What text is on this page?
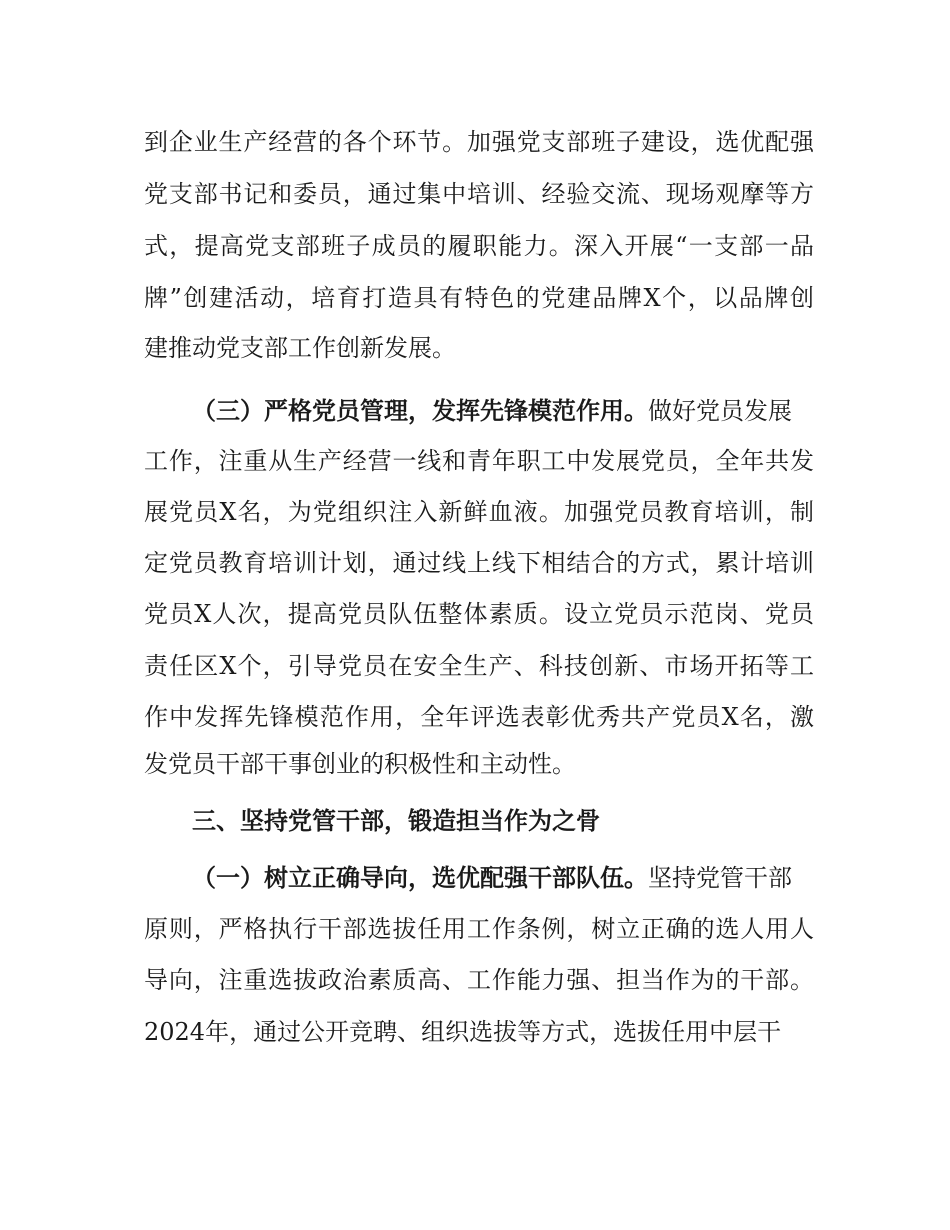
到企业生产经营的各个环节。加强党支部班子建设，选优配强
党支部书记和委员，通过集中培训、经验交流、现场观摩等方
式，提高党支部班子成员的履职能力。深入开展“一支部一品
牌”创建活动，培育打造具有特色的党建品牌X个，以品牌创
建推动党支部工作创新发展。
（三）严格党员管理，发挥先锋模范作用。做好党员发展
工作，注重从生产经营一线和青年职工中发展党员，全年共发
展党员X名，为党组织注入新鲜血液。加强党员教育培训，制
定党员教育培训计划，通过线上线下相结合的方式，累计培训
党员X人次，提高党员队伍整体素质。设立党员示范岗、党员
责任区X个，引导党员在安全生产、科技创新、市场开拓等工
作中发挥先锋模范作用，全年评选表彰优秀共产党员X名，激
发党员干部干事创业的积极性和主动性。
三、坚持党管干部，锻造担当作为之骨
（一）树立正确导向，选优配强干部队伍。坚持党管干部
原则，严格执行干部选拔任用工作条例，树立正确的选人用人
导向，注重选拔政治素质高、工作能力强、担当作为的干部。
2024年，通过公开竞聘、组织选拔等方式，选拔任用中层干
